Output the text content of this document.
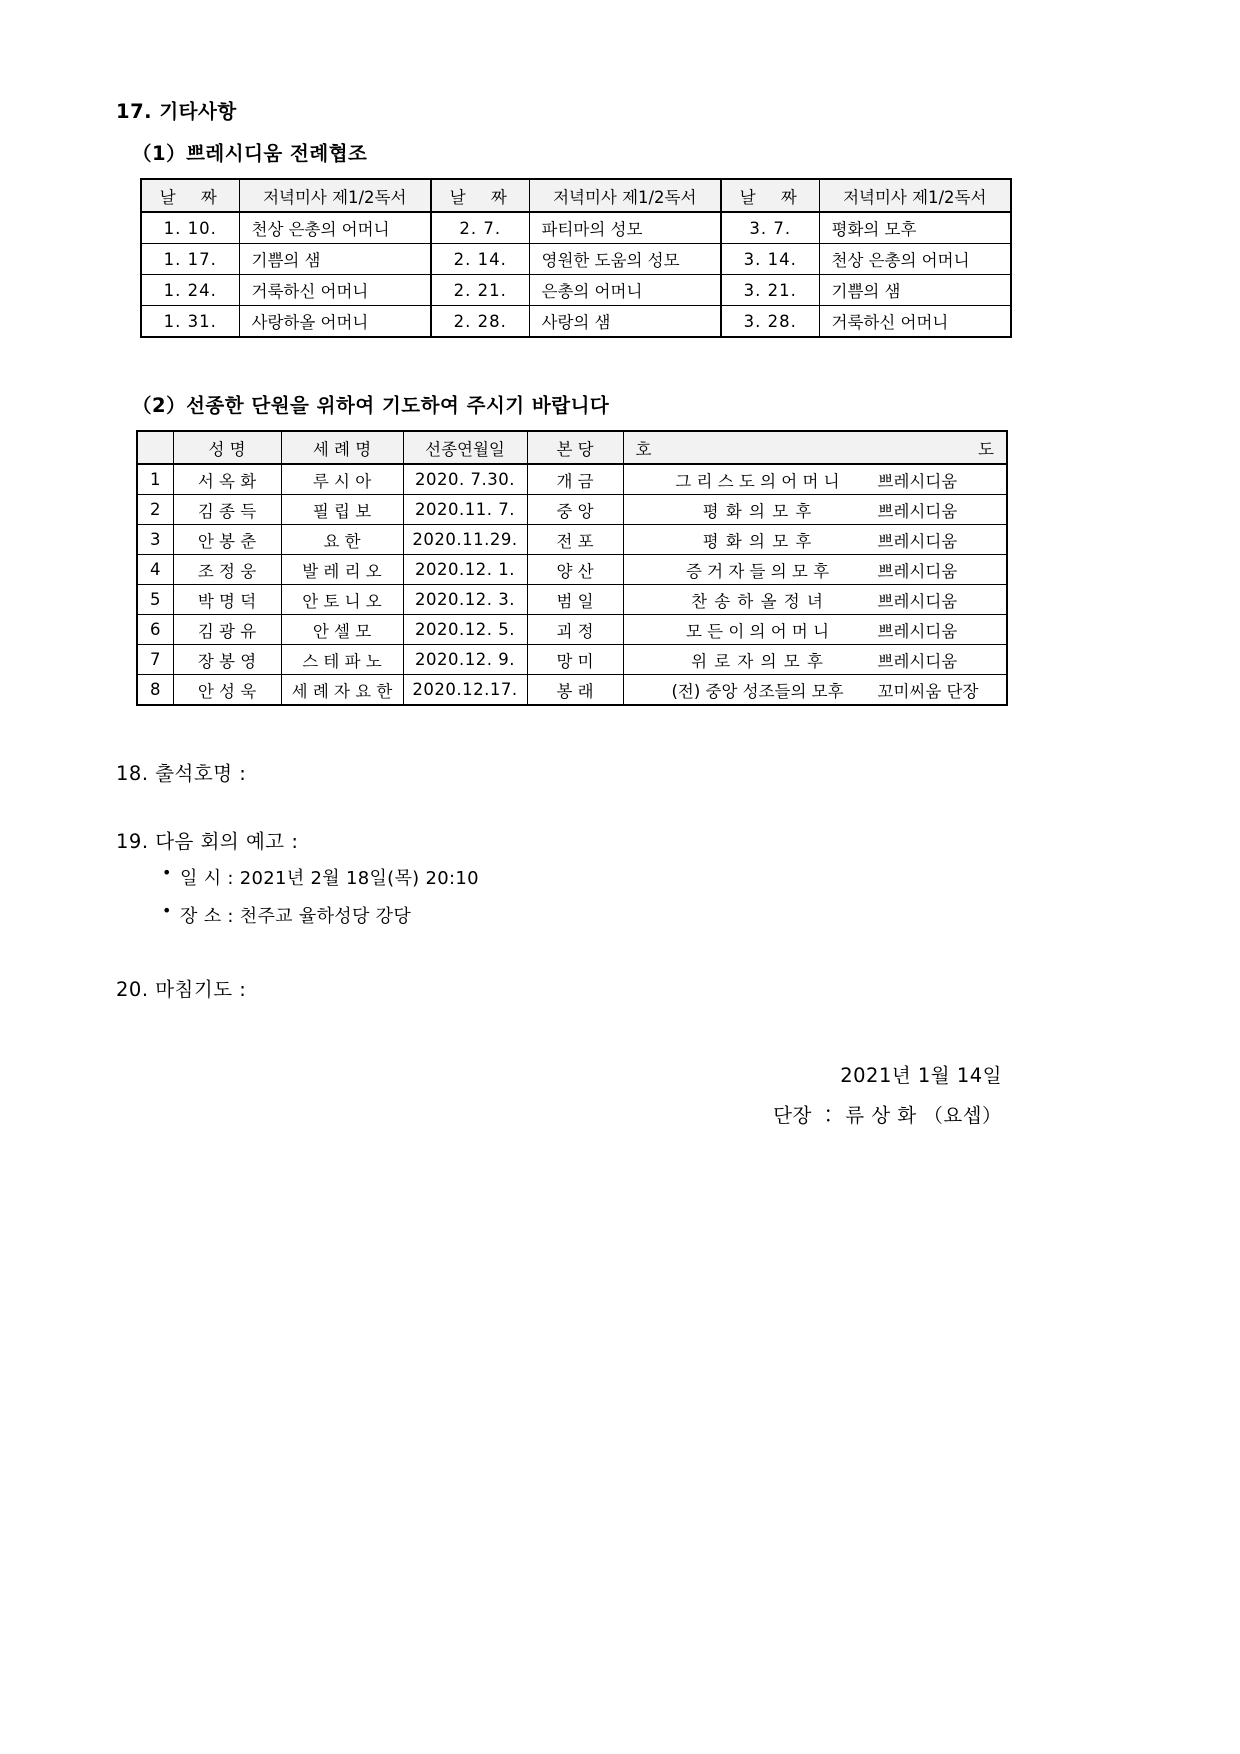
17. 기타사항
（1）쁘레시디움 전례협조
날 짜	저녁미사 제1/2독서	날 짜	저녁미사 제1/2독서	날 짜	저녁미사 제1/2독서
1. 10.	천상 은총의 어머니	2. 7.	파티마의 성모	3. 7.	평화의 모후
1. 17.	기쁨의 샘	2. 14.	영원한 도움의 성모	3. 14.	천상 은총의 어머니
1. 24.	거룩하신 어머니	2. 21.	은총의 어머니	3. 21.	기쁨의 샘
1. 31.	사랑하올 어머니	2. 28.	사랑의 샘	3. 28.	거룩하신 어머니
（2）선종한 단원을 위하여 기도하여 주시기 바랍니다
	성 명	세 례 명	선종연월일	본 당	호 도

1	서 옥 화	루 시 아	2020. 7.30.	개 금	그 리 스 도 의 어 머 니 쁘레시디움

2	김 종 득	필 립 보	2020.11. 7.	중 앙	평 화 의 모 후 쁘레시디움

3	안 봉 춘	요 한	2020.11.29.	전 포	평 화 의 모 후 쁘레시디움

4	조 정 웅	발 레 리 오	2020.12. 1.	양 산	증 거 자 들 의 모 후 쁘레시디움

5	박 명 덕	안 토 니 오	2020.12. 3.	범 일	찬 송 하 올 정 녀 쁘레시디움

6	김 광 유	안 셀 모	2020.12. 5.	괴 정	모 든 이 의 어 머 니 쁘레시디움

7	장 봉 영	스 테 파 노	2020.12. 9.	망 미	위 로 자 의 모 후 쁘레시디움

8	안 성 욱	세 례 자 요 한	2020.12.17.	봉 래	(전) 중앙 성조들의 모후 꼬미씨움 단장

18. 출석호명 :

19. 다음 회의 예고 :

• 일 시 : 2021년 2월 18일(목) 20:10
• 장 소 : 천주교 율하성당 강당

20. 마침기도 :

2021년 1월 14일
단장 ： 류 상 화 （요셉）
